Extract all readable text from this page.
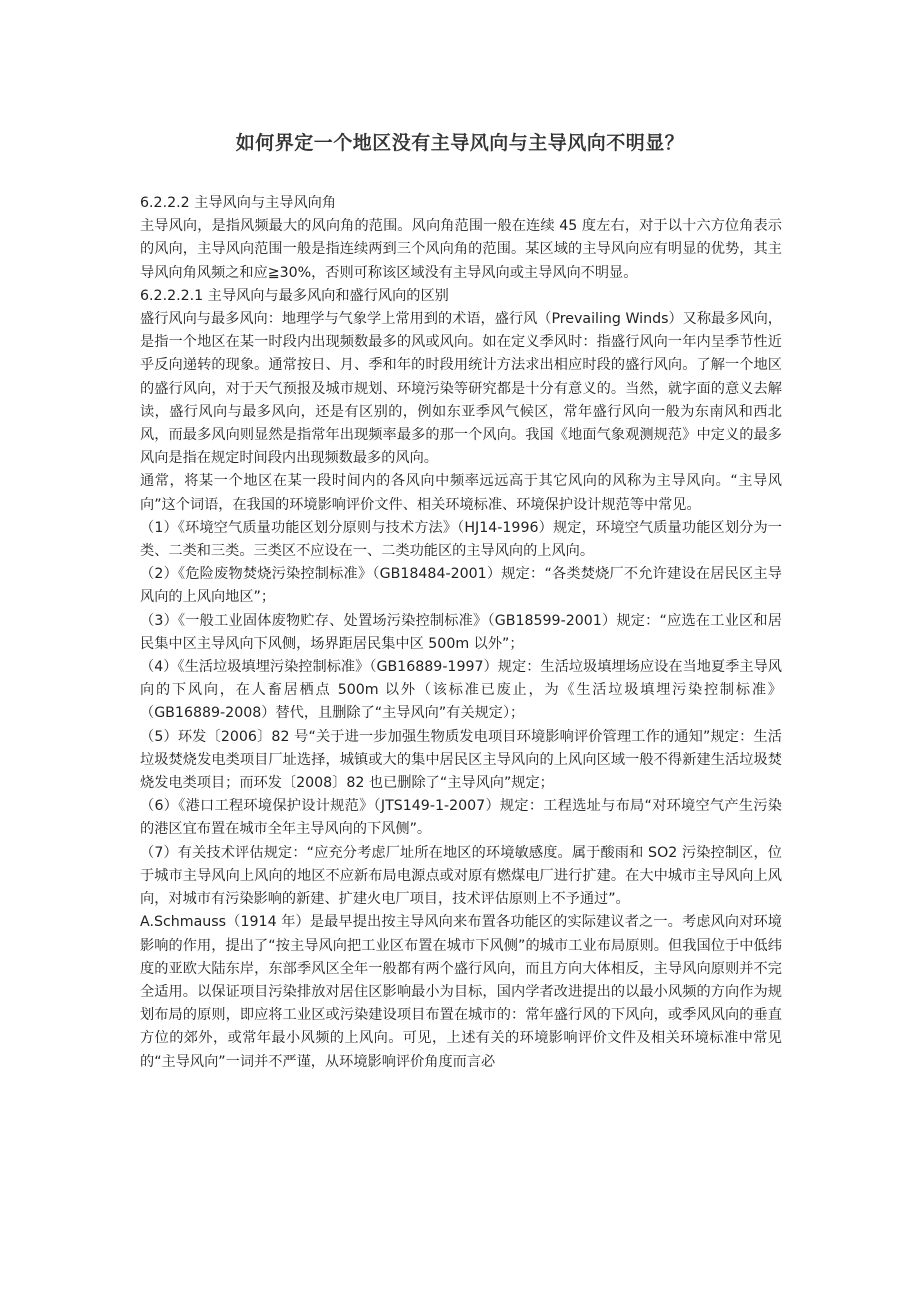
如何界定一个地区没有主导风向与主导风向不明显？

6.2.2.2 主导风向与主导风向角

主导风向，是指风频最大的风向角的范围。风向角范围一般在连续 45 度左右，对于以十六方位角表示的风向，主导风向范围一般是指连续两到三个风向角的范围。某区域的主导风向应有明显的优势，其主导风向角风频之和应≧30%，否则可称该区域没有主导风向或主导风向不明显。

6.2.2.2.1 主导风向与最多风向和盛行风向的区别

盛行风向与最多风向：地理学与气象学上常用到的术语，盛行风（Prevailing Winds）又称最多风向，是指一个地区在某一时段内出现频数最多的风或风向。如在定义季风时：指盛行风向一年内呈季节性近乎反向递转的现象。通常按日、月、季和年的时段用统计方法求出相应时段的盛行风向。了解一个地区的盛行风向，对于天气预报及城市规划、环境污染等研究都是十分有意义的。当然，就字面的意义去解读，盛行风向与最多风向，还是有区别的，例如东亚季风气候区，常年盛行风向一般为东南风和西北风，而最多风向则显然是指常年出现频率最多的那一个风向。我国《地面气象观测规范》中定义的最多风向是指在规定时间段内出现频数最多的风向。

通常，将某一个地区在某一段时间内的各风向中频率远远高于其它风向的风称为主导风向。“主导风向”这个词语，在我国的环境影响评价文件、相关环境标准、环境保护设计规范等中常见。

（1）《环境空气质量功能区划分原则与技术方法》（HJ14-1996）规定，环境空气质量功能区划分为一类、二类和三类。三类区不应设在一、二类功能区的主导风向的上风向。

（2）《危险废物焚烧污染控制标准》（GB18484-2001）规定：“各类焚烧厂不允许建设在居民区主导风向的上风向地区”；

（3）《一般工业固体废物贮存、处置场污染控制标准》（GB18599-2001）规定：“应选在工业区和居民集中区主导风向下风侧，场界距居民集中区 500m 以外”；

（4）《生活垃圾填埋污染控制标准》（GB16889-1997）规定：生活垃圾填埋场应设在当地夏季主导风向的下风向，在人畜居栖点 500m 以外（该标准已废止，为《生活垃圾填埋污染控制标准》（GB16889-2008）替代，且删除了“主导风向”有关规定）；

（5）环发〔2006〕82 号“关于进一步加强生物质发电项目环境影响评价管理工作的通知”规定：生活垃圾焚烧发电类项目厂址选择，城镇或大的集中居民区主导风向的上风向区域一般不得新建生活垃圾焚烧发电类项目；而环发〔2008〕82 也已删除了“主导风向”规定；

（6）《港口工程环境保护设计规范》（JTS149-1-2007）规定：工程选址与布局“对环境空气产生污染的港区宜布置在城市全年主导风向的下风侧”。

（7）有关技术评估规定：“应充分考虑厂址所在地区的环境敏感度。属于酸雨和 SO2 污染控制区，位于城市主导风向上风向的地区不应新布局电源点或对原有燃煤电厂进行扩建。在大中城市主导风向上风向，对城市有污染影响的新建、扩建火电厂项目，技术评估原则上不予通过”。

A.Schmauss（1914 年）是最早提出按主导风向来布置各功能区的实际建议者之一。考虑风向对环境影响的作用，提出了“按主导风向把工业区布置在城市下风侧”的城市工业布局原则。但我国位于中低纬度的亚欧大陆东岸，东部季风区全年一般都有两个盛行风向，而且方向大体相反，主导风向原则并不完全适用。以保证项目污染排放对居住区影响最小为目标，国内学者改进提出的以最小风频的方向作为规划布局的原则，即应将工业区或污染建设项目布置在城市的：常年盛行风的下风向，或季风风向的垂直方位的郊外，或常年最小风频的上风向。可见，上述有关的环境影响评价文件及相关环境标准中常见的“主导风向”一词并不严谨，从环境影响评价角度而言必
